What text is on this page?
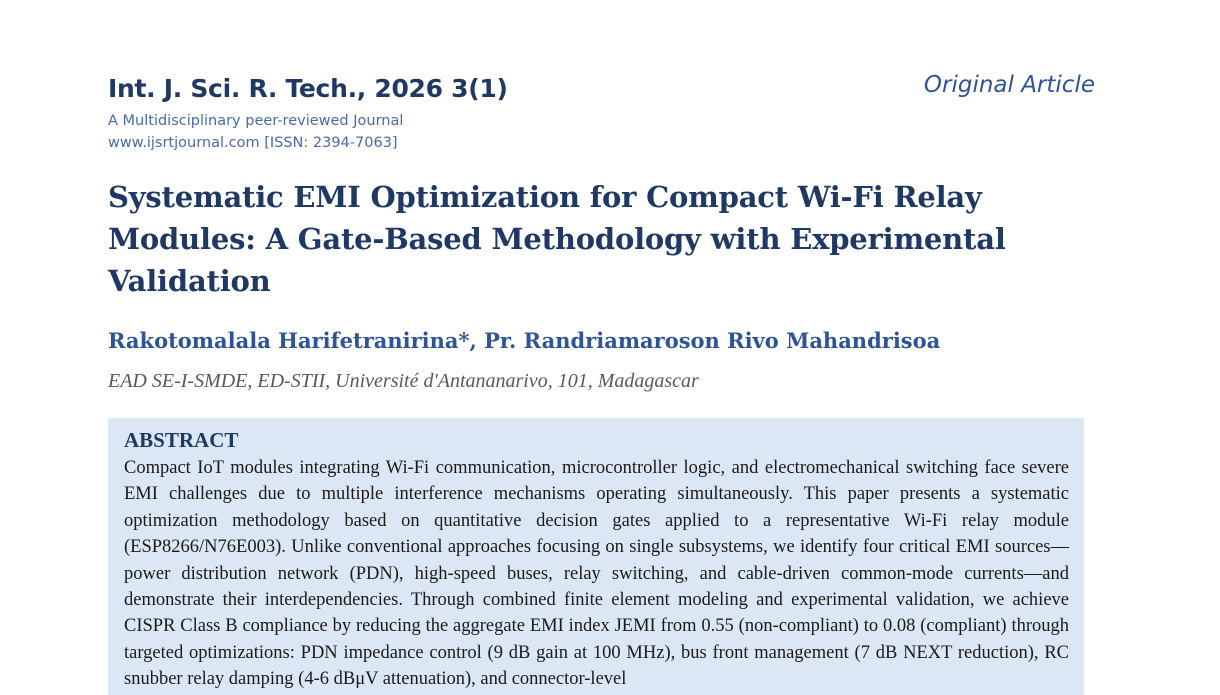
Int. J. Sci. R. Tech., 2026 3(1)
A Multidisciplinary peer-reviewed Journal
www.ijsrtjournal.com [ISSN: 2394-7063]
Original Article
Systematic EMI Optimization for Compact Wi-Fi Relay Modules: A Gate-Based Methodology with Experimental Validation
Rakotomalala Harifetranirina*, Pr. Randriamaroson Rivo Mahandrisoa
EAD SE-I-SMDE, ED-STII, Université d'Antananarivo, 101, Madagascar
ABSTRACT

Compact IoT modules integrating Wi-Fi communication, microcontroller logic, and electromechanical switching face severe EMI challenges due to multiple interference mechanisms operating simultaneously. This paper presents a systematic optimization methodology based on quantitative decision gates applied to a representative Wi-Fi relay module (ESP8266/N76E003). Unlike conventional approaches focusing on single subsystems, we identify four critical EMI sources—power distribution network (PDN), high-speed buses, relay switching, and cable-driven common-mode currents—and demonstrate their interdependencies. Through combined finite element modeling and experimental validation, we achieve CISPR Class B compliance by reducing the aggregate EMI index JEMI from 0.55 (non-compliant) to 0.08 (compliant) through targeted optimizations: PDN impedance control (9 dB gain at 100 MHz), bus front management (7 dB NEXT reduction), RC snubber relay damping (4-6 dBμV attenuation), and connector-level
